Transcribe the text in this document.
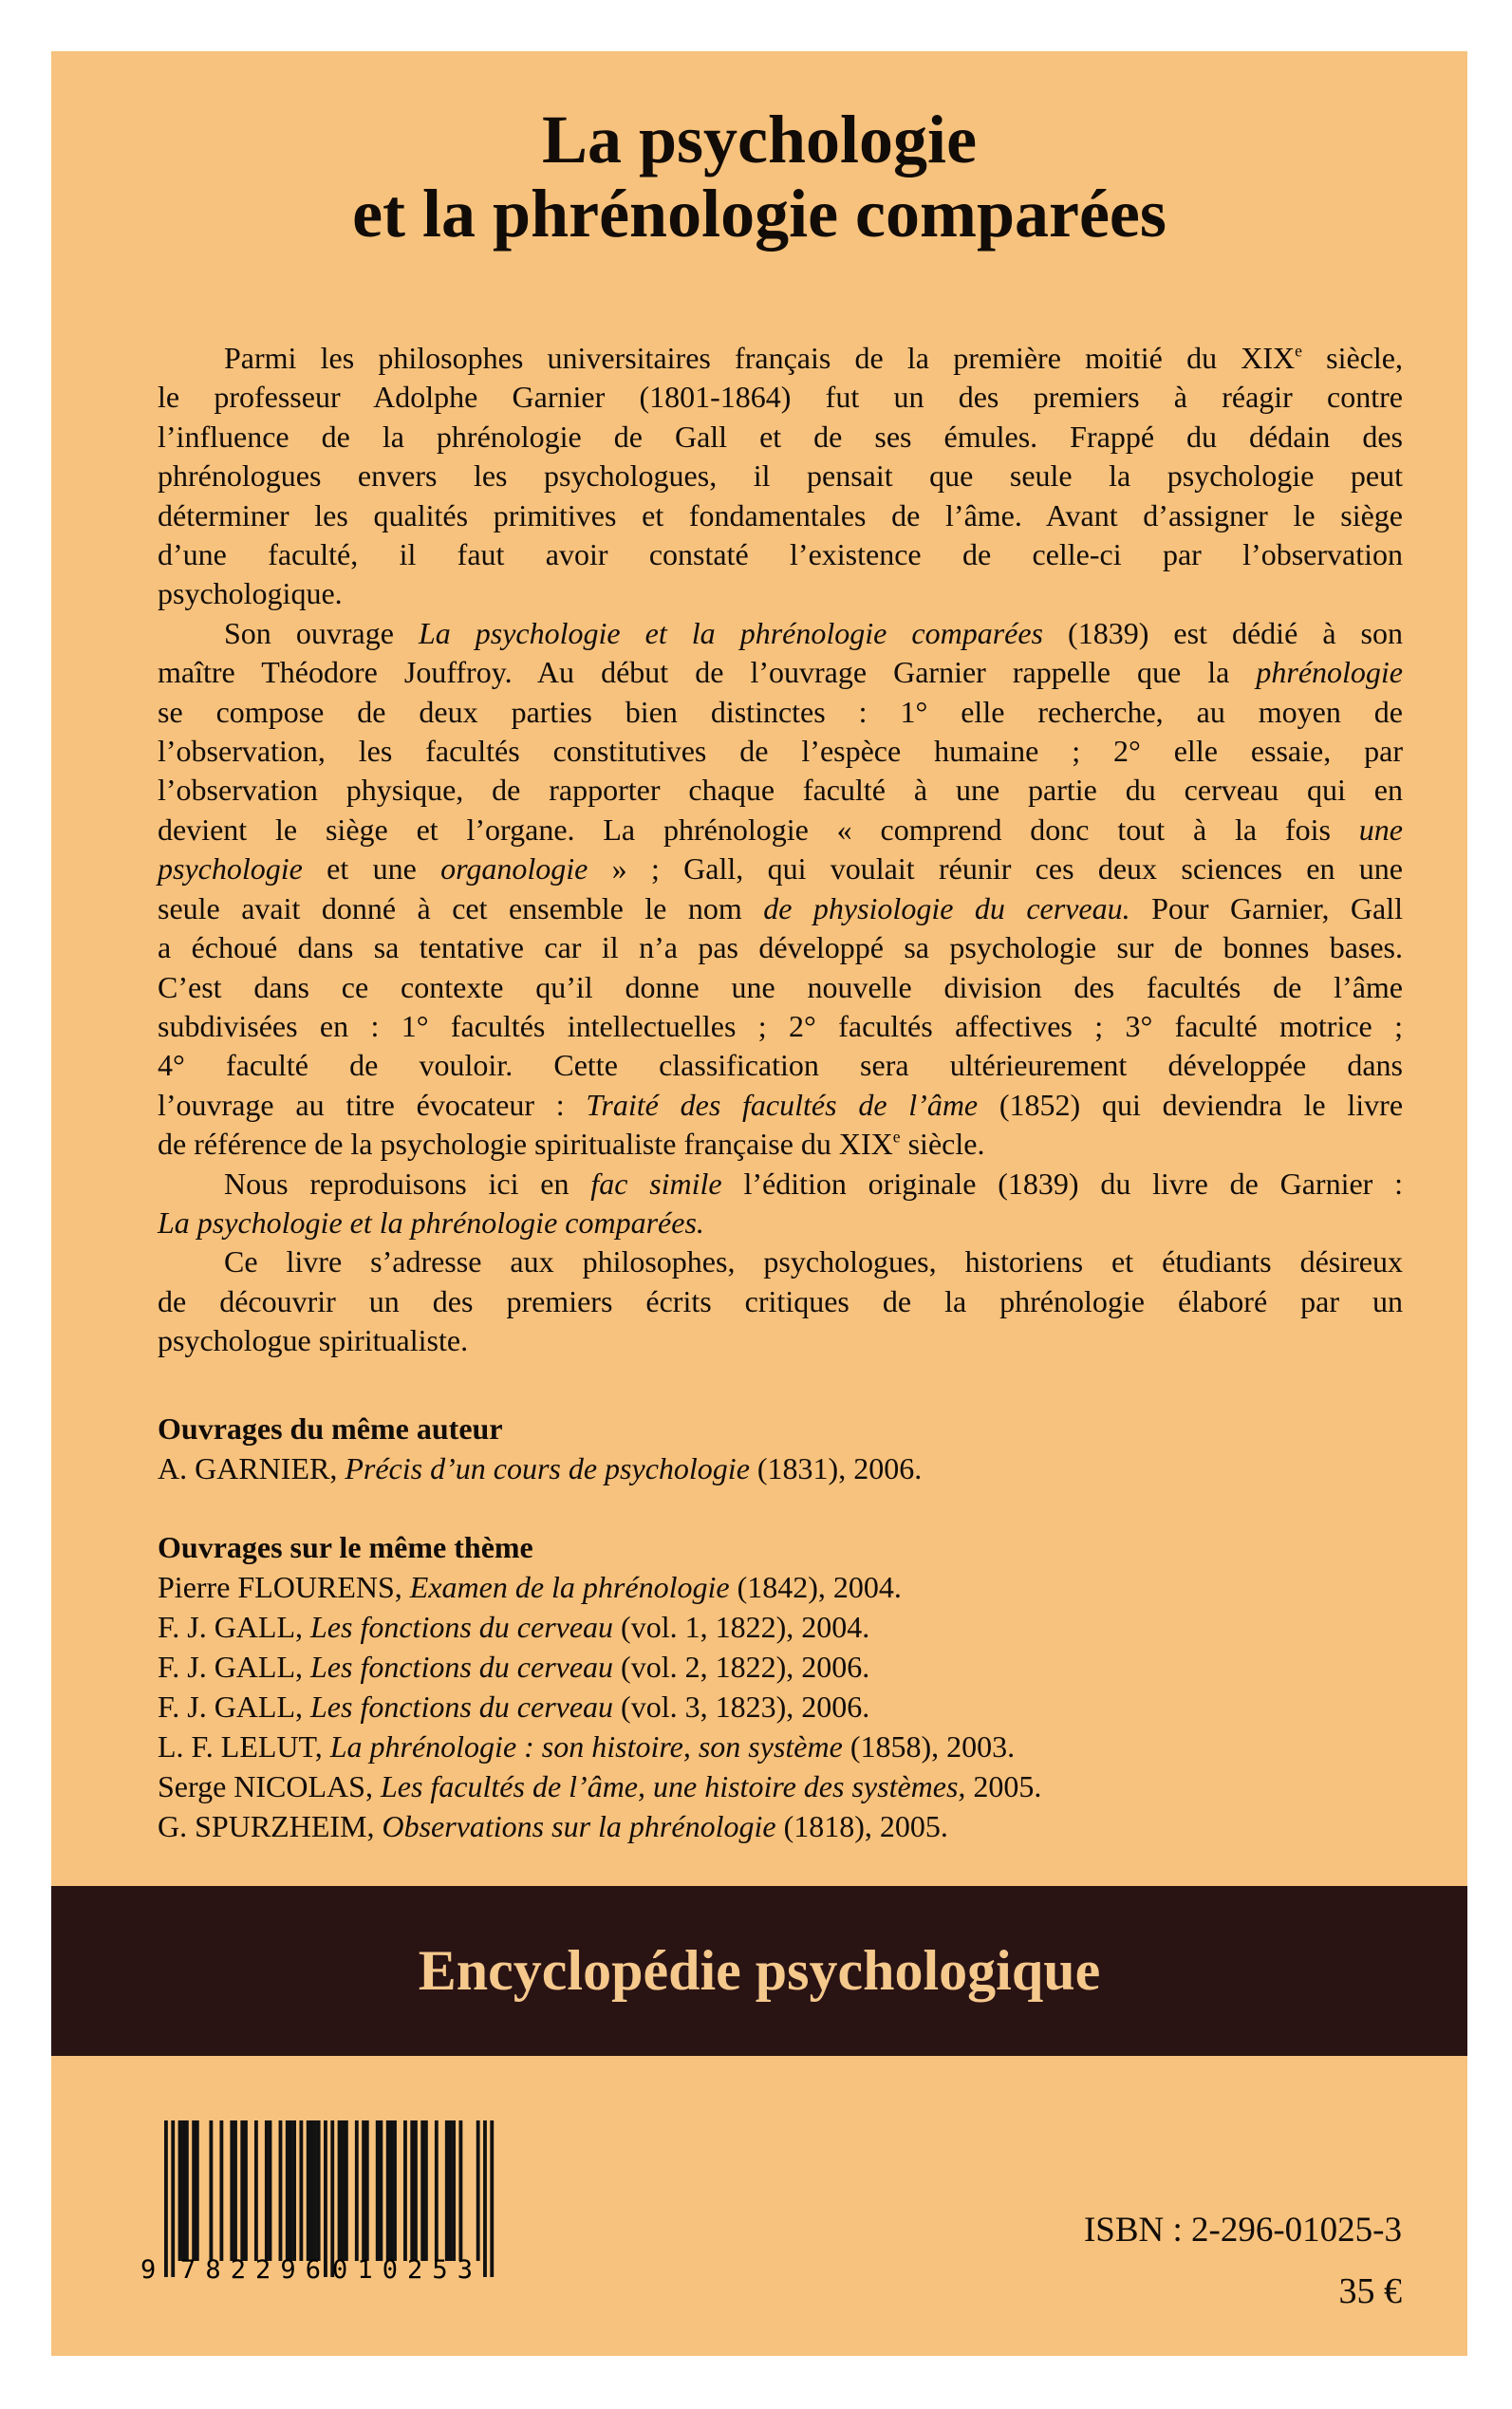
La psychologie
et la phrénologie comparées
Parmi les philosophes universitaires français de la première moitié du XIXe siècle,
le professeur Adolphe Garnier (1801-1864) fut un des premiers à réagir contre
l’influence de la phrénologie de Gall et de ses émules. Frappé du dédain des
phrénologues envers les psychologues, il pensait que seule la psychologie peut
déterminer les qualités primitives et fondamentales de l’âme. Avant d’assigner le siège
d’une faculté, il faut avoir constaté l’existence de celle-ci par l’observation
psychologique.
Son ouvrage La psychologie et la phrénologie comparées (1839) est dédié à son
maître Théodore Jouffroy. Au début de l’ouvrage Garnier rappelle que la phrénologie
se compose de deux parties bien distinctes : 1° elle recherche, au moyen de
l’observation, les facultés constitutives de l’espèce humaine ; 2° elle essaie, par
l’observation physique, de rapporter chaque faculté à une partie du cerveau qui en
devient le siège et l’organe. La phrénologie « comprend donc tout à la fois une
psychologie et une organologie » ; Gall, qui voulait réunir ces deux sciences en une
seule avait donné à cet ensemble le nom de physiologie du cerveau. Pour Garnier, Gall
a échoué dans sa tentative car il n’a pas développé sa psychologie sur de bonnes bases.
C’est dans ce contexte qu’il donne une nouvelle division des facultés de l’âme
subdivisées en : 1° facultés intellectuelles ; 2° facultés affectives ; 3° faculté motrice ;
4° faculté de vouloir. Cette classification sera ultérieurement développée dans
l’ouvrage au titre évocateur : Traité des facultés de l’âme (1852) qui deviendra le livre
de référence de la psychologie spiritualiste française du XIXe siècle.
Nous reproduisons ici en fac simile l’édition originale (1839) du livre de Garnier :
La psychologie et la phrénologie comparées.
Ce livre s’adresse aux philosophes, psychologues, historiens et étudiants désireux
de découvrir un des premiers écrits critiques de la phrénologie élaboré par un
psychologue spiritualiste.
Ouvrages du même auteur
A. GARNIER, Précis d’un cours de psychologie (1831), 2006.
Ouvrages sur le même thème
Pierre FLOURENS, Examen de la phrénologie (1842), 2004.
F. J. GALL, Les fonctions du cerveau (vol. 1, 1822), 2004.
F. J. GALL, Les fonctions du cerveau (vol. 2, 1822), 2006.
F. J. GALL, Les fonctions du cerveau (vol. 3, 1823), 2006.
L. F. LELUT, La phrénologie : son histoire, son système (1858), 2003.
Serge NICOLAS, Les facultés de l’âme, une histoire des systèmes, 2005.
G. SPURZHEIM, Observations sur la phrénologie (1818), 2005.
Encyclopédie psychologique
9 782296 010253
ISBN : 2-296-01025-3
35 €
